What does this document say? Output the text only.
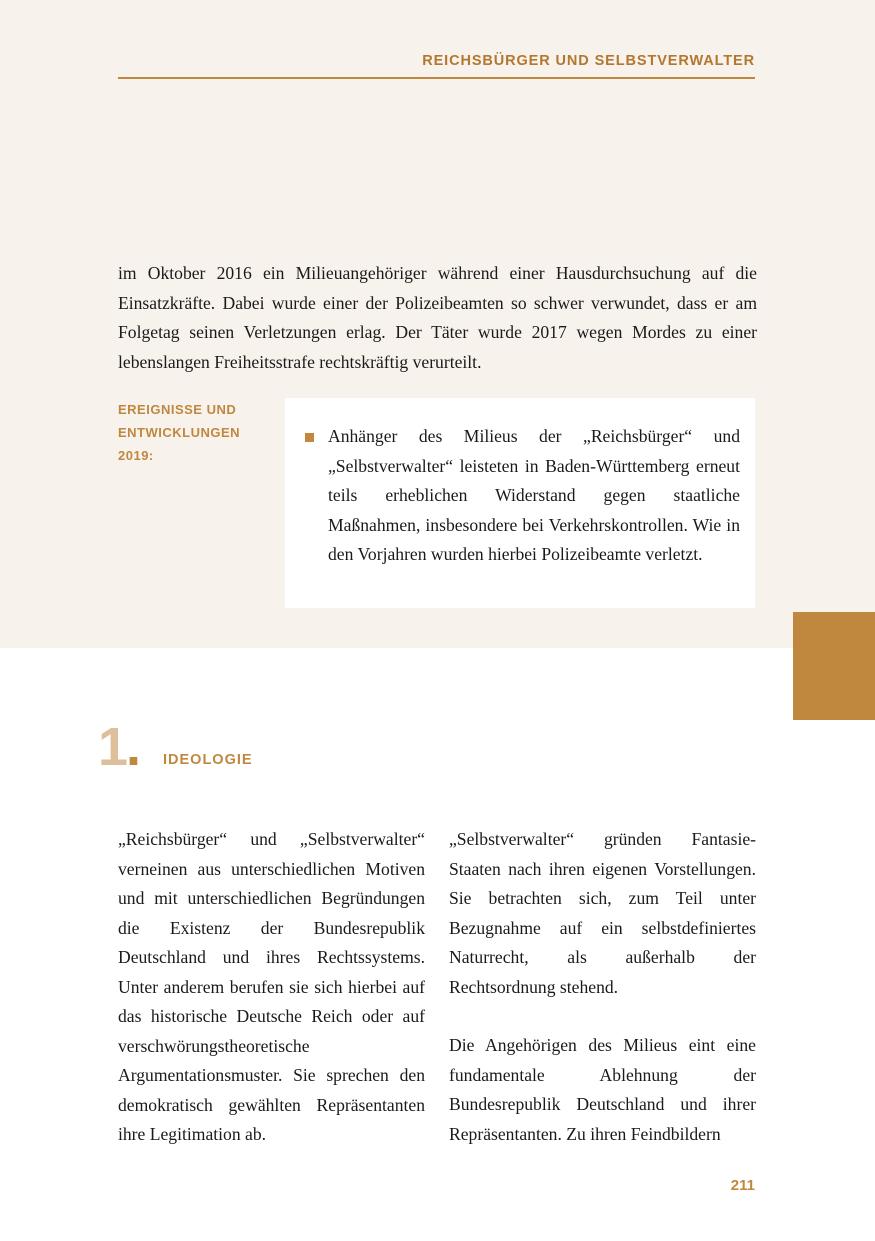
REICHSBÜRGER UND SELBSTVERWALTER
im Oktober 2016 ein Milieuangehöriger während einer Hausdurchsuchung auf die Einsatzkräfte. Dabei wurde einer der Polizeibeamten so schwer verwundet, dass er am Folgetag seinen Verletzungen erlag. Der Täter wurde 2017 wegen Mordes zu einer lebenslangen Freiheitsstrafe rechtskräftig verurteilt.
EREIGNISSE UND ENTWICKLUNGEN 2019:
Anhänger des Milieus der „Reichsbürger“ und „Selbstverwalter“ leisteten in Baden-Württemberg erneut teils erheblichen Widerstand gegen staatliche Maßnahmen, insbesondere bei Verkehrskontrollen. Wie in den Vorjahren wurden hierbei Polizeibeamte verletzt.
1. IDEOLOGIE

„Reichsbürger“ und „Selbstverwalter“ verneinen aus unterschiedlichen Motiven und mit unterschiedlichen Begründungen die Existenz der Bundesrepublik Deutschland und ihres Rechtssystems. Unter anderem berufen sie sich hierbei auf das historische Deutsche Reich oder auf verschwörungstheoretische Argumentationsmuster. Sie sprechen den demokratisch gewählten Repräsentanten ihre Legitimation ab.

„Selbstverwalter“ gründen Fantasie-Staaten nach ihren eigenen Vorstellungen. Sie betrachten sich, zum Teil unter Bezugnahme auf ein selbstdefiniertes Naturrecht, als außerhalb der Rechtsordnung stehend.

Die Angehörigen des Milieus eint eine fundamentale Ablehnung der Bundesrepublik Deutschland und ihrer Repräsentanten. Zu ihren Feindbildern

211
